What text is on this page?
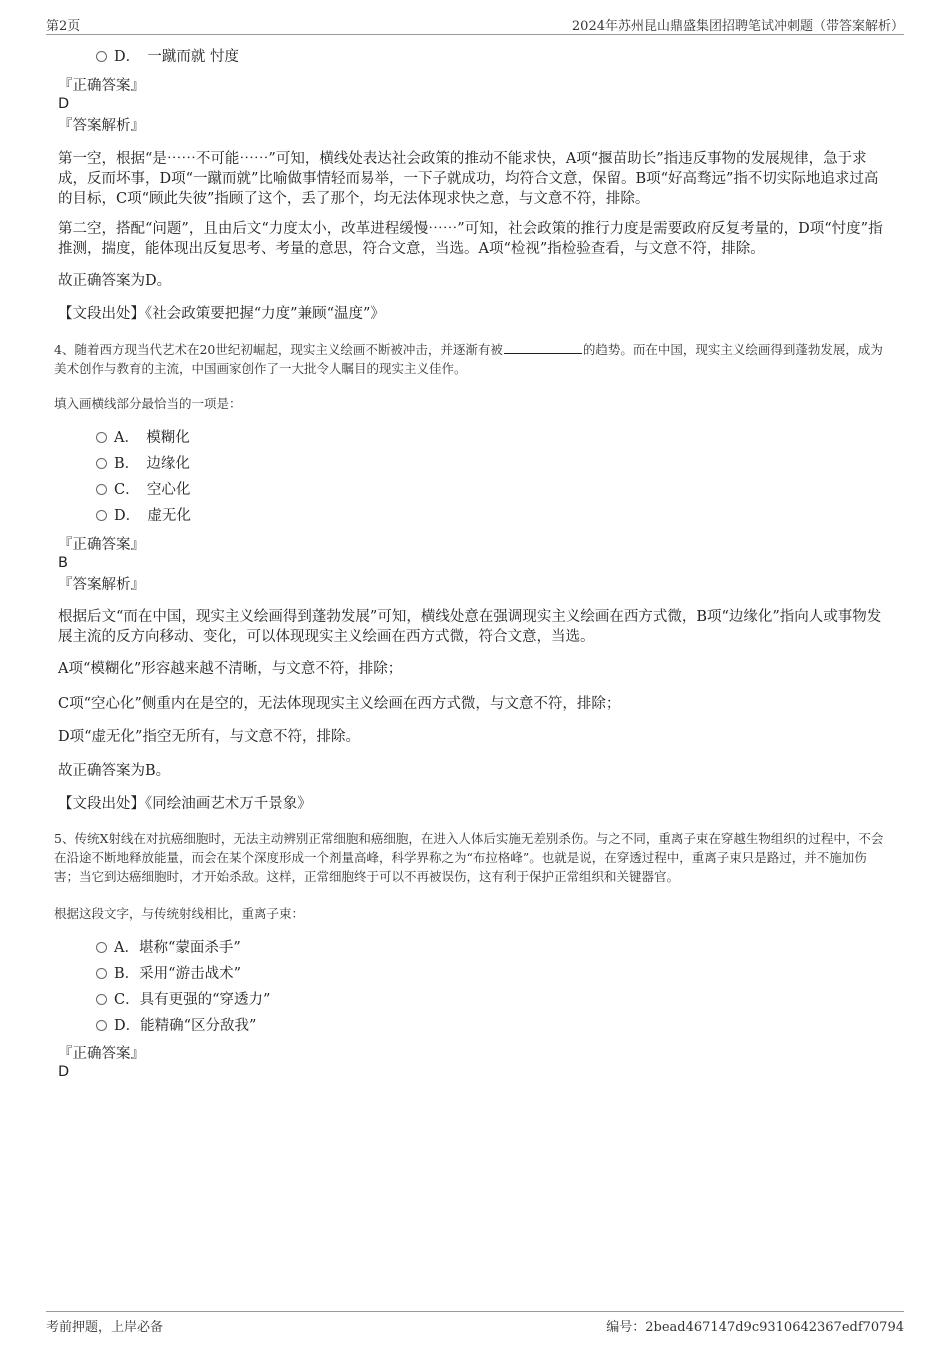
第2页	2024年苏州昆山鼎盛集团招聘笔试冲刺题（带答案解析）
D．　一蹴而就 忖度
『正确答案』
D
『答案解析』
第一空，根据“是⋯⋯不可能⋯⋯”可知，横线处表达社会政策的推动不能求快，A项“揠苗助长”指违反事物的发展规律，急于求成，反而坏事，D项“一蹴而就”比喻做事情轻而易举，一下子就成功，均符合文意，保留。B项“好高骛远”指不切实际地追求过高的目标，C项“顾此失彼”指顾了这个，丢了那个，均无法体现求快之意，与文意不符，排除。
第二空，搭配“问题”，且由后文“力度太小，改革进程缓慢⋯⋯”可知，社会政策的推行力度是需要政府反复考量的，D项“忖度”指推测，揣度，能体现出反复思考、考量的意思，符合文意，当选。A项“检视”指检验查看，与文意不符，排除。
故正确答案为D。
【文段出处】《社会政策要把握“力度”兼顾“温度”》
4、随着西方现当代艺术在20世纪初崛起，现实主义绘画不断被冲击，并逐渐有被	的趋势。而在中国，现实主义绘画得到蓬勃发展，成为美术创作与教育的主流，中国画家创作了一大批令人瞩目的现实主义佳作。
填入画横线部分最恰当的一项是：
A．　模糊化
B．　边缘化
C．　空心化
D．　虚无化
『正确答案』
B
『答案解析』
根据后文“而在中国，现实主义绘画得到蓬勃发展”可知，横线处意在强调现实主义绘画在西方式微，B项“边缘化”指向人或事物发展主流的反方向移动、变化，可以体现现实主义绘画在西方式微，符合文意，当选。
A项“模糊化”形容越来越不清晰，与文意不符，排除；
C项“空心化”侧重内在是空的，无法体现现实主义绘画在西方式微，与文意不符，排除；
D项“虚无化”指空无所有，与文意不符，排除。
故正确答案为B。
【文段出处】《同绘油画艺术万千景象》
5、传统X射线在对抗癌细胞时，无法主动辨别正常细胞和癌细胞，在进入人体后实施无差别杀伤。与之不同，重离子束在穿越生物组织的过程中，不会在沿途不断地释放能量，而会在某个深度形成一个剂量高峰，科学界称之为“布拉格峰”。也就是说，在穿透过程中，重离子束只是路过，并不施加伤害；当它到达癌细胞时，才开始杀敌。这样，正常细胞终于可以不再被误伤，这有利于保护正常组织和关键器官。
根据这段文字，与传统射线相比，重离子束：
A．堪称“蒙面杀手”
B．采用“游击战术”
C．具有更强的“穿透力”
D．能精确“区分敌我”
『正确答案』
D
考前押题，上岸必备	编号：2bead467147d9c9310642367edf70794
